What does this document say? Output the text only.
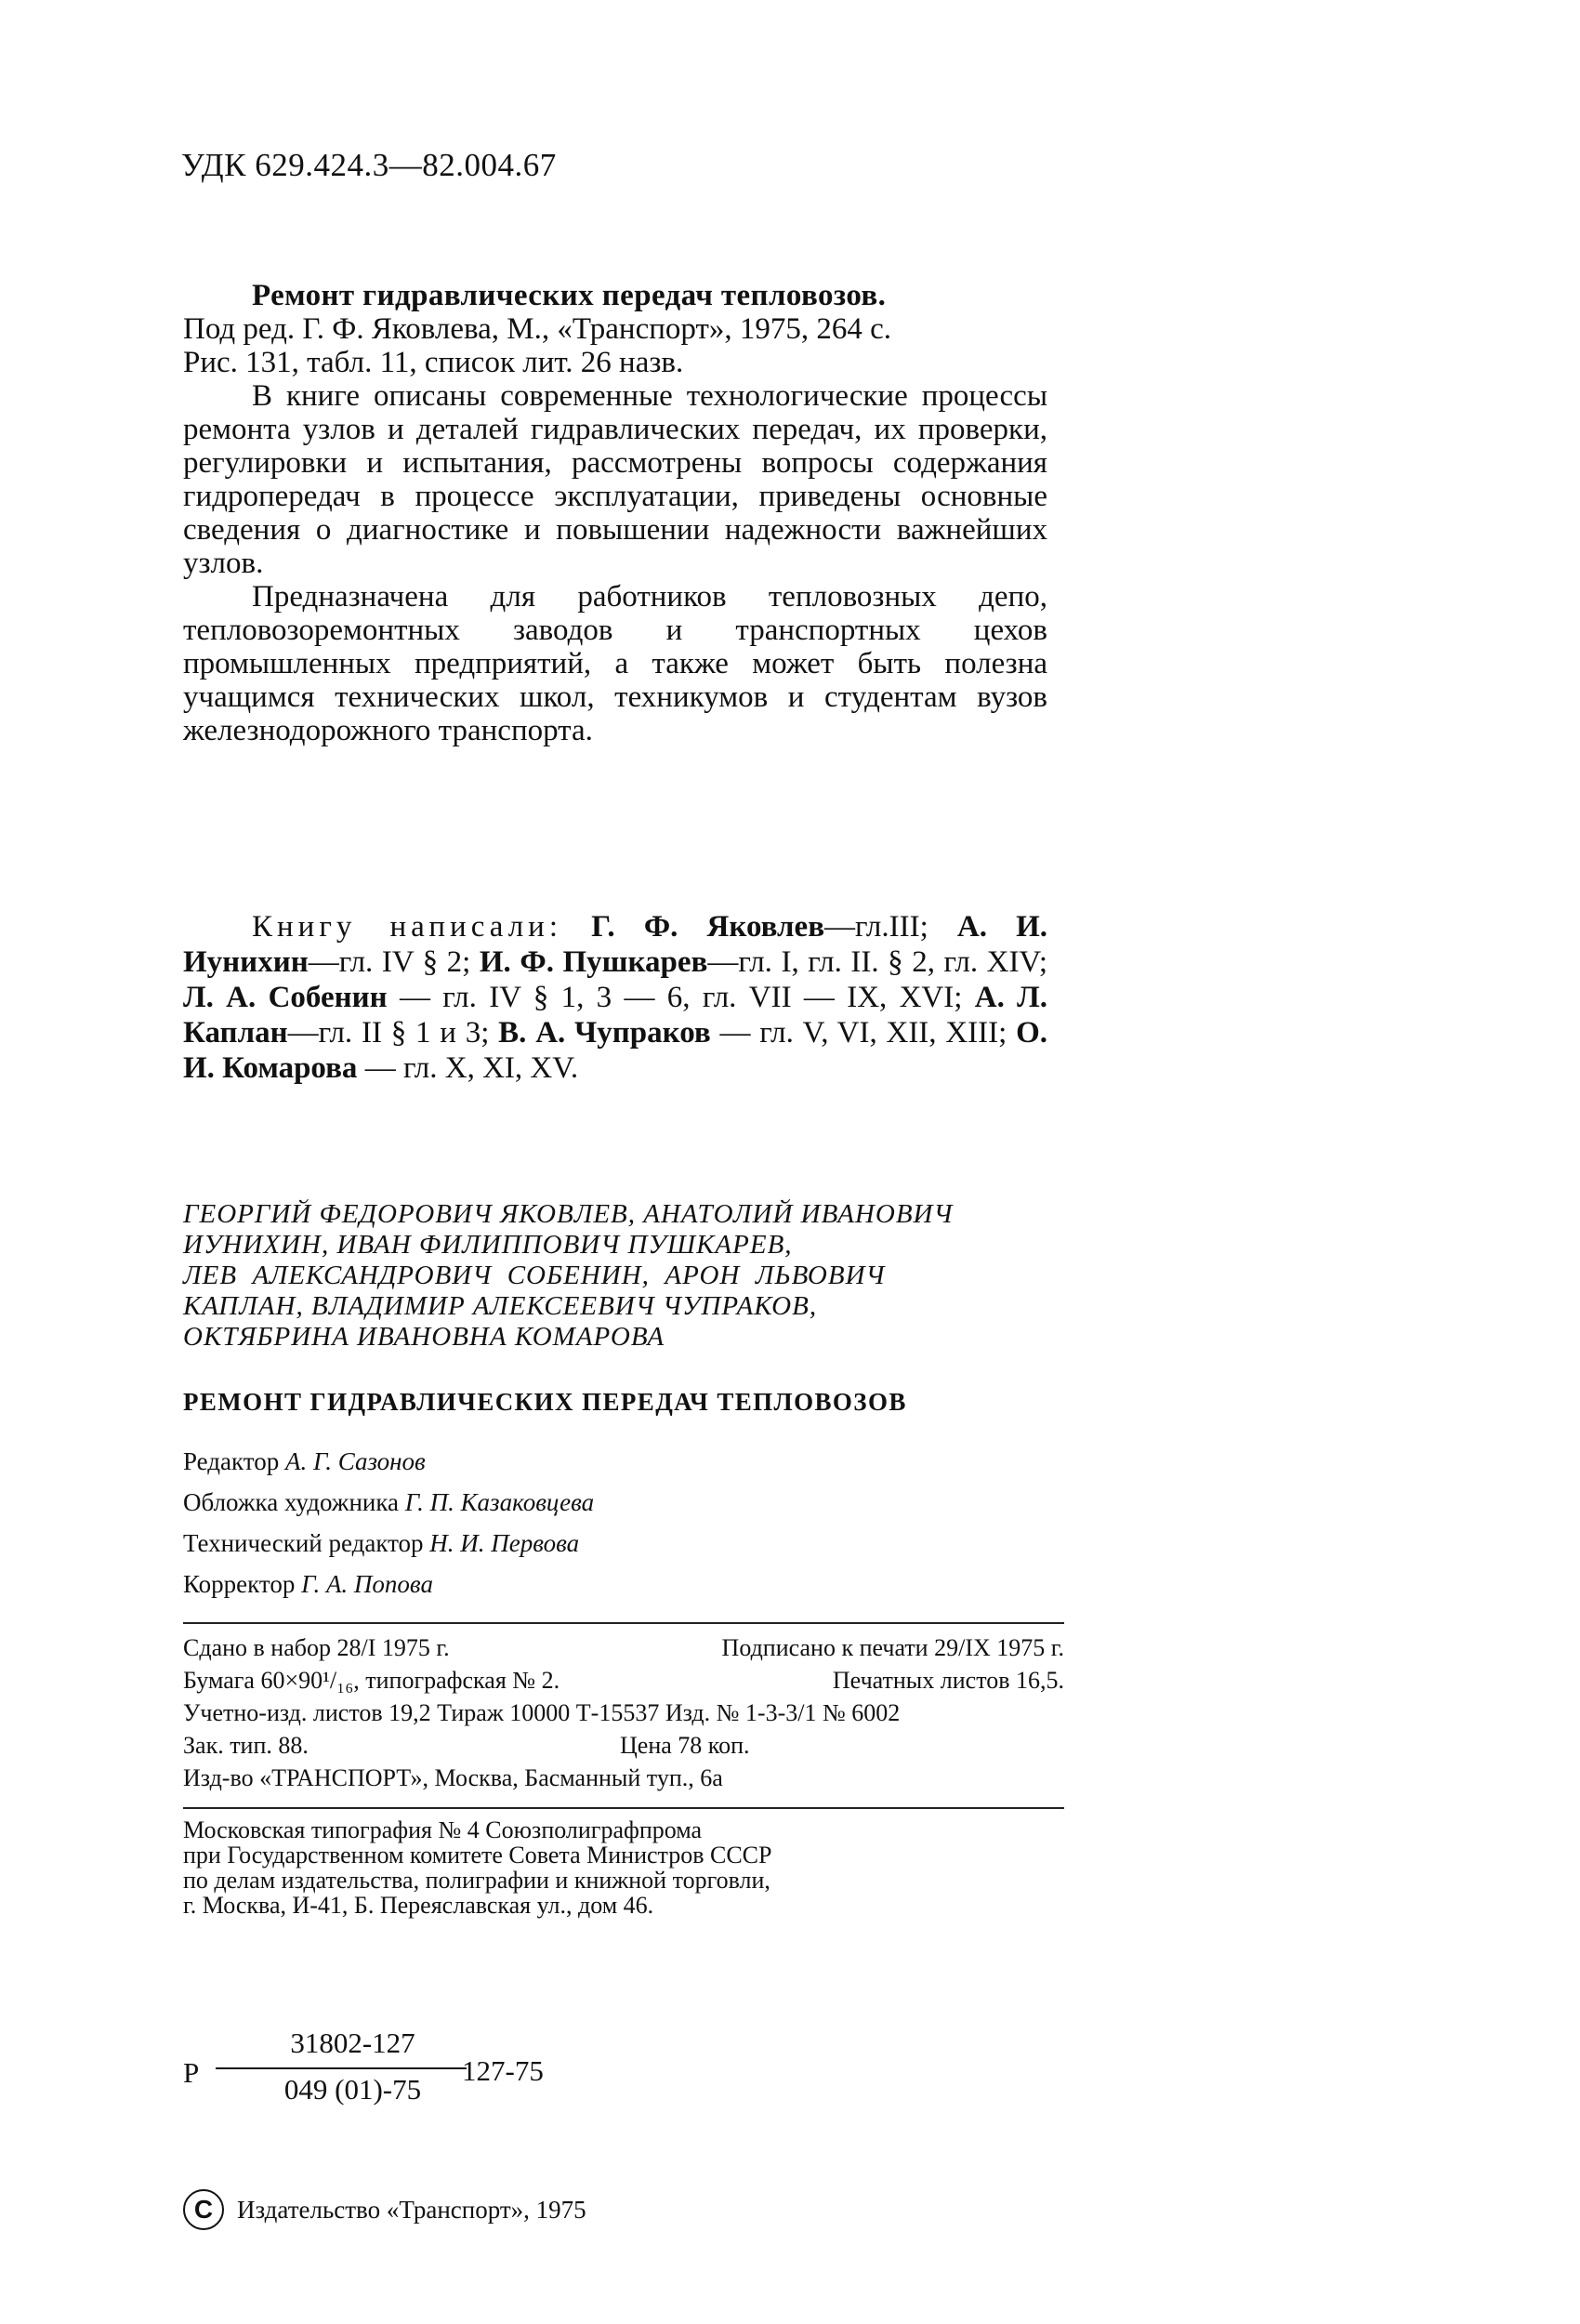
УДК 629.424.3—82.004.67

Ремонт гидравлических передач тепловозов.

Под ред. Г. Ф. Яковлева, М., «Транспорт», 1975, 264 с.

Рис. 131, табл. 11, список лит. 26 назв.

В книге описаны современные технологические процессы ремонта узлов и деталей гидравлических передач, их проверки, регулировки и испытания, рассмотрены вопросы содержания гидропередач в процессе эксплуатации, приведены основные сведения о диагностике и повышении надежности важнейших узлов.

Предназначена для работников тепловозных депо, тепловозоремонтных заводов и транспортных цехов промышленных предприятий, а также может быть полезна учащимся технических школ, техникумов и студентам вузов железнодорожного транспорта.

Книгу написали: Г. Ф. Яковлев—гл.III; А. И. Иунихин—гл. IV § 2; И. Ф. Пушкарев—гл. I, гл. II. § 2, гл. XIV; Л. А. Собенин — гл. IV § 1, 3 — 6, гл. VII — IX, XVI; А. Л. Каплан—гл. II § 1 и 3; В. А. Чупраков — гл. V, VI, XII, XIII; О. И. Комарова — гл. X, XI, XV.

ГЕОРГИЙ ФЕДОРОВИЧ ЯКОВЛЕВ, АНАТОЛИЙ ИВАНОВИЧ
ИУНИХИН, ИВАН ФИЛИППОВИЧ ПУШКАРЕВ,
ЛЕВ  АЛЕКСАНДРОВИЧ  СОБЕНИН,  АРОН  ЛЬВОВИЧ
КАПЛАН, ВЛАДИМИР АЛЕКСЕЕВИЧ ЧУПРАКОВ,
ОКТЯБРИНА ИВАНОВНА КОМАРОВА
РЕМОНТ ГИДРАВЛИЧЕСКИХ ПЕРЕДАЧ ТЕПЛОВОЗОВ
Редактор А. Г. Сазонов
Обложка художника Г. П. Казаковцева
Технический редактор Н. И. Первова
Корректор Г. А. Попова
Сдано в набор 28/I 1975 г.	Подписано к печати 29/IX 1975 г.
Бумага 60×90¹/₁₆, типографская № 2.	Печатных листов 16,5.
Учетно-изд. листов 19,2 Тираж 10000 Т-15537 Изд. № 1-3-3/1 № 6002
Зак. тип. 88.	Цена 78 коп.
Изд-во «ТРАНСПОРТ», Москва, Басманный туп., 6а
Московская типография № 4 Союзполиграфпрома
при Государственном комитете Совета Министров СССР
по делам издательства, полиграфии и книжной торговли,
г. Москва, И-41, Б. Переяславская ул., дом 46.
Р
31802-127
049 (01)-75
127-75
C Издательство «Транспорт», 1975
